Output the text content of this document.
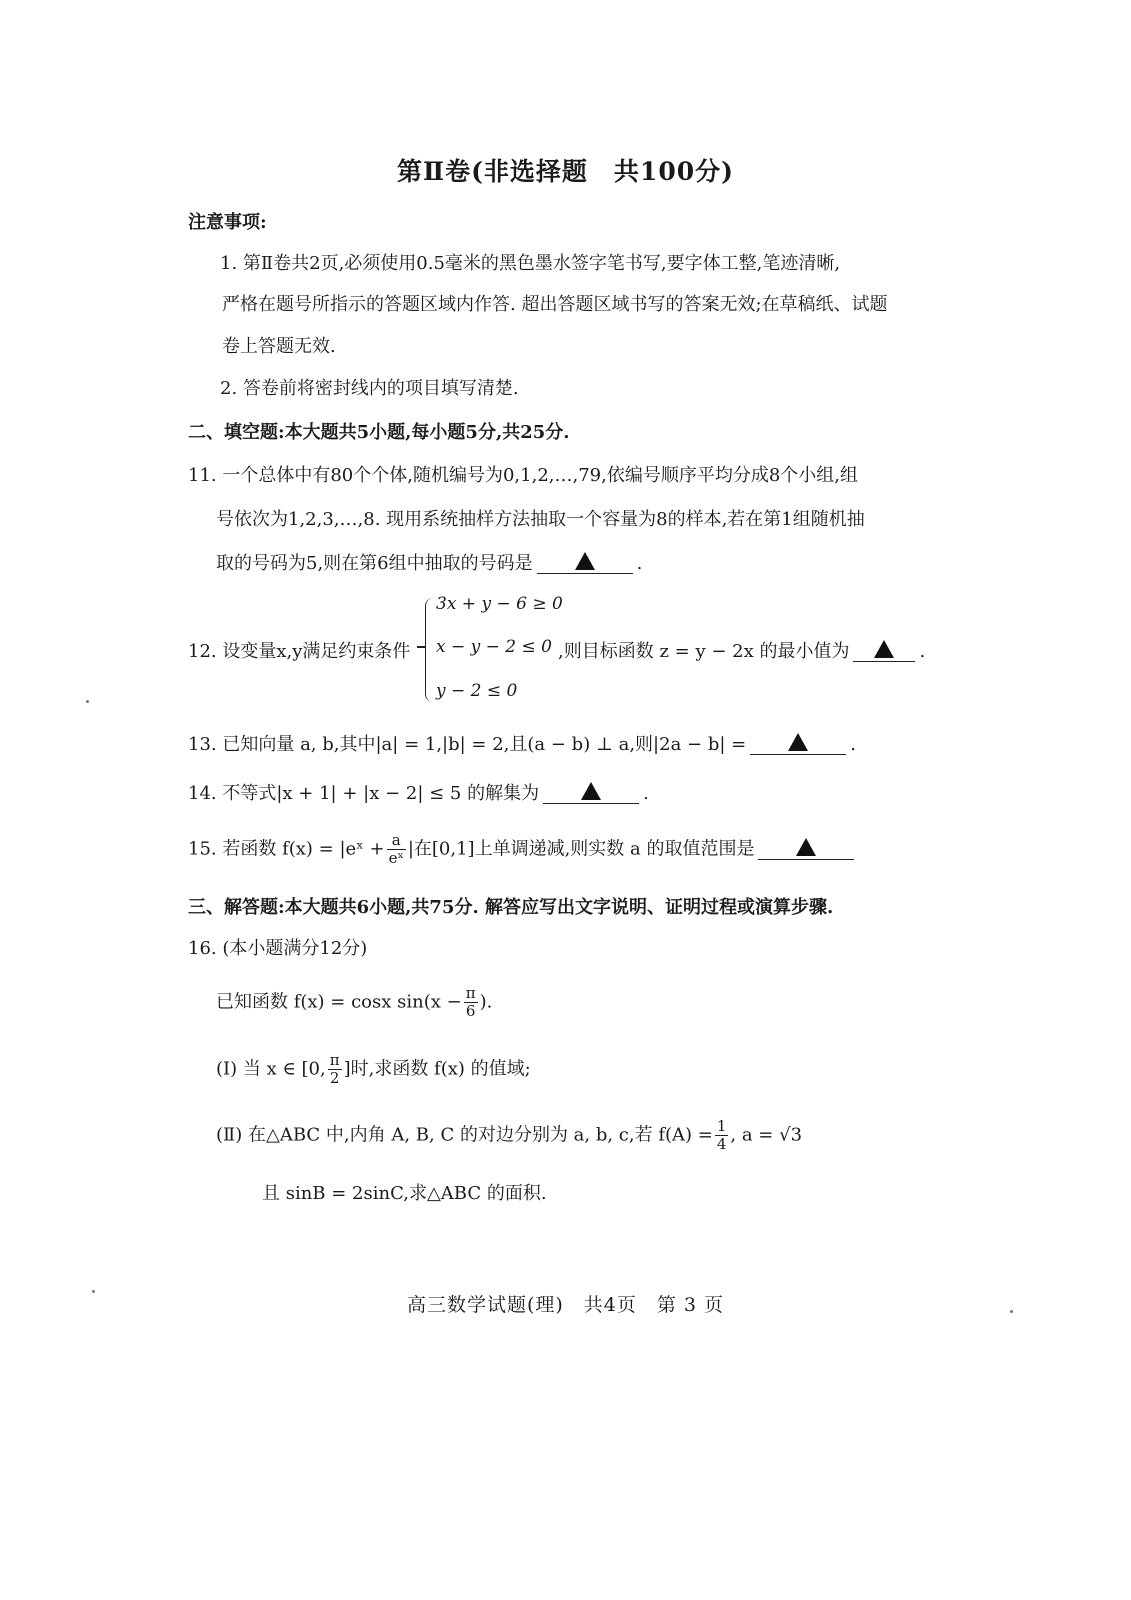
第Ⅱ卷(非选择题　共100分)
注意事项:
1. 第Ⅱ卷共2页,必须使用0.5毫米的黑色墨水签字笔书写,要字体工整,笔迹清晰,
严格在题号所指示的答题区域内作答. 超出答题区域书写的答案无效;在草稿纸、试题
卷上答题无效.
2. 答卷前将密封线内的项目填写清楚.
二、填空题:本大题共5小题,每小题5分,共25分.
11. 一个总体中有80个个体,随机编号为0,1,2,…,79,依编号顺序平均分成8个小组,组
号依次为1,2,3,…,8. 现用系统抽样方法抽取一个容量为8的样本,若在第1组随机抽
取的号码为5,则在第6组中抽取的号码是	.
12. 设变量x,y满足约束条件
3x + y − 6 ≥ 0
x − y − 2 ≤ 0
y − 2 ≤ 0
,则目标函数 z = y − 2x 的最小值为	.
13. 已知向量 a, b,其中|a| = 1,|b| = 2,且(a − b) ⊥ a,则|2a − b| =	.
14. 不等式|x + 1| + |x − 2| ≤ 5 的解集为	.
15. 若函数 f(x) = |eˣ + $\frac{a}{\text{eˣ}}$ |在[0,1]上单调递减,则实数 a 的取值范围是
三、解答题:本大题共6小题,共75分. 解答应写出文字说明、证明过程或演算步骤.
16. (本小题满分12分)
已知函数 f(x) = cosx $\sin(x - \frac{\pi}{6}$ ).
(Ⅰ) 当 x ∈ [0, $\frac{\pi}{2}$ ]时,求函数 f(x) 的值域;
(Ⅱ) 在△ABC 中,内角 A, B, C 的对边分别为 a, b, c,若 $f(A) = \frac{1}{4}$ , a = √3
且 sinB = 2sinC,求△ABC 的面积.
高三数学试题(理)　共4页　第 3 页
